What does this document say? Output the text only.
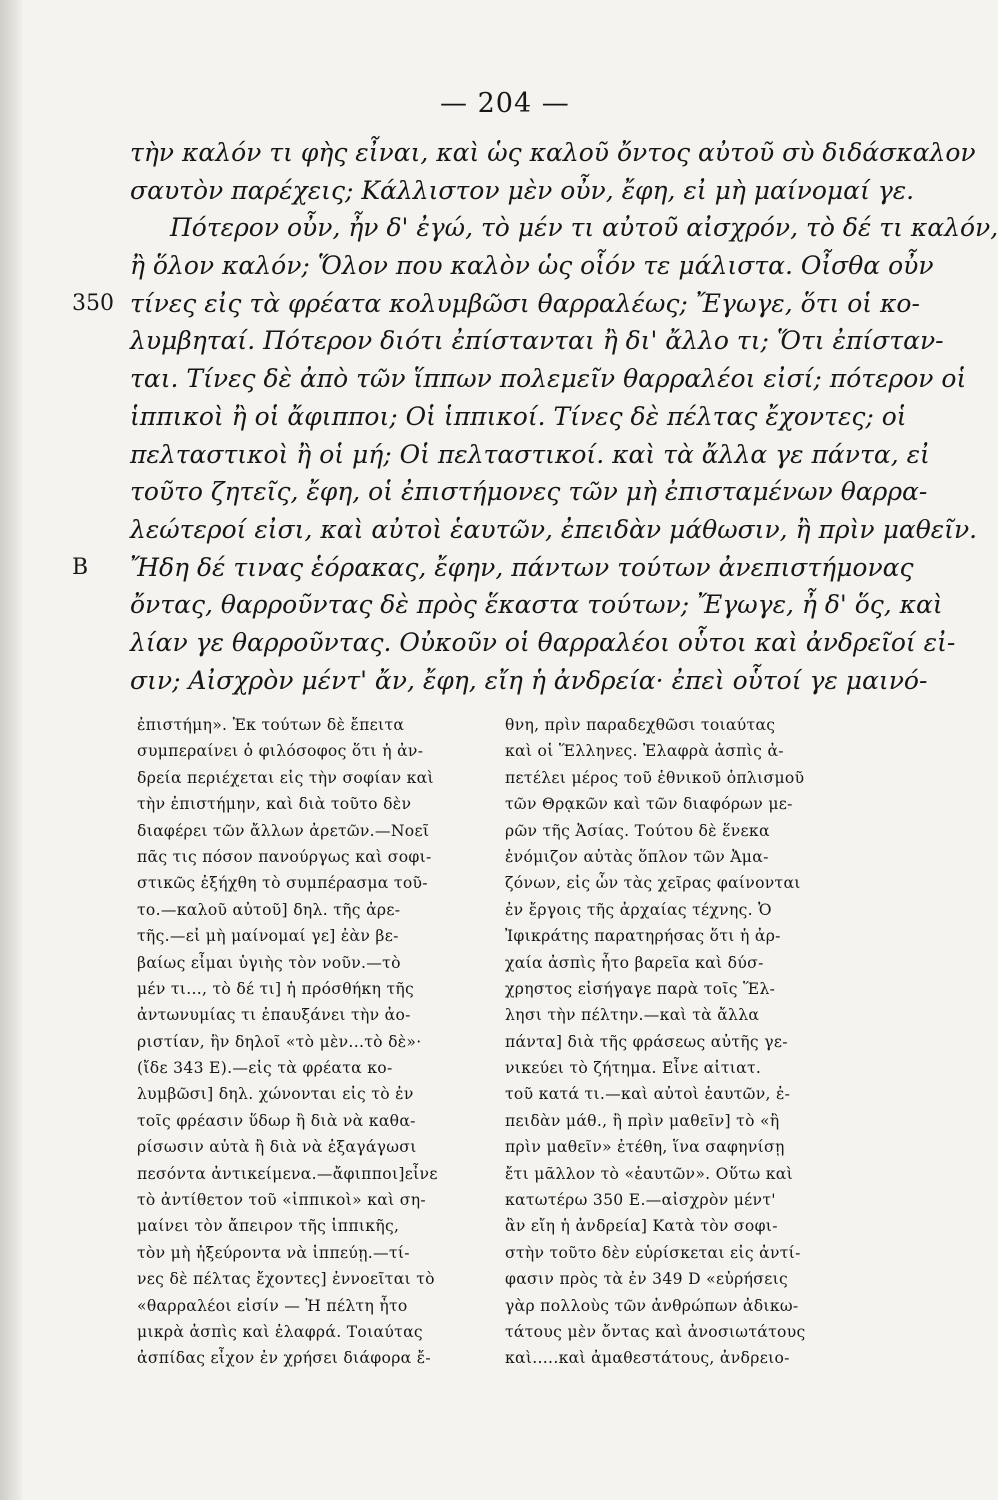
— 204 —
τὴν καλόν τι φὴς εἶναι, καὶ ὡς καλοῦ ὄντος αὐτοῦ σὺ διδάσκαλον
σαυτὸν παρέχεις; Κάλλιστον μὲν οὖν, ἔφη, εἰ μὴ μαίνομαί γε.
Πότερον οὖν, ἦν δ' ἐγώ, τὸ μέν τι αὐτοῦ αἰσχρόν, τὸ δέ τι καλόν,
ἢ ὅλον καλόν; Ὅλον που καλὸν ὡς οἷόν τε μάλιστα. Οἶσθα οὖν
350 τίνες εἰς τὰ φρέατα κολυμβῶσι θαρραλέως; Ἔγωγε, ὅτι οἱ κο-
λυμβηταί. Πότερον διότι ἐπίστανται ἢ δι' ἄλλο τι; Ὅτι ἐπίσταν-
ται. Τίνες δὲ ἀπὸ τῶν ἵππων πολεμεῖν θαρραλέοι εἰσί; πότερον οἱ
ἱππικοὶ ἢ οἱ ἄφιπποι; Οἱ ἱππικοί. Τίνες δὲ πέλτας ἔχοντες; οἱ
πελταστικοὶ ἢ οἱ μή; Οἱ πελταστικοί. καὶ τὰ ἄλλα γε πάντα, εἰ
τοῦτο ζητεῖς, ἔφη, οἱ ἐπιστήμονες τῶν μὴ ἐπισταμένων θαρρα-
λεώτεροί εἰσι, καὶ αὐτοὶ ἑαυτῶν, ἐπειδὰν μάθωσιν, ἢ πρὶν μαθεῖν.
B Ἤδη δέ τινας ἑόρακας, ἔφην, πάντων τούτων ἀνεπιστήμονας
ὄντας, θαρροῦντας δὲ πρὸς ἕκαστα τούτων; Ἔγωγε, ἦ δ' ὅς, καὶ
λίαν γε θαρροῦντας. Οὐκοῦν οἱ θαρραλέοι οὗτοι καὶ ἀνδρεῖοί εἰ-
σιν; Αἰσχρὸν μέντ' ἄν, ἔφη, εἴη ἡ ἀνδρεία· ἐπεὶ οὗτοί γε μαινό-
ἐπιστήμη». Ἐκ τούτων δὲ ἔπειτα
συμπεραίνει ὁ φιλόσοφος ὅτι ἡ ἀν-
δρεία περιέχεται εἰς τὴν σοφίαν καὶ
τὴν ἐπιστήμην, καὶ διὰ τοῦτο δὲν
διαφέρει τῶν ἄλλων ἀρετῶν.—Νοεῖ
πᾶς τις πόσον πανούργως καὶ σοφι-
στικῶς ἐξήχθη τὸ συμπέρασμα τοῦ-
το.—καλοῦ αὐτοῦ] δηλ. τῆς ἀρε-
τῆς.—εἰ μὴ μαίνομαί γε] ἐὰν βε-
βαίως εἶμαι ὑγιὴς τὸν νοῦν.—τὸ
μέν τι..., τὸ δέ τι] ἡ πρόσθήκη τῆς
ἀντωνυμίας τι ἐπαυξάνει τὴν ἀο-
ριστίαν, ἣν δηλοῖ «τὸ μὲν...τὸ δὲ»·
(ἴδε 343 Ε).—εἰς τὰ φρέατα κο-
λυμβῶσι] δηλ. χώνονται εἰς τὸ ἐν
τοῖς φρέασιν ὕδωρ ἢ διὰ νὰ καθα-
ρίσωσιν αὐτὰ ἢ διὰ νὰ ἐξαγάγωσι
πεσόντα ἀντικείμενα.—ἄφιπποι]εἶνε
τὸ ἀντίθετον τοῦ «ἱππικοὶ» καὶ ση-
μαίνει τὸν ἄπειρον τῆς ἱππικῆς,
τὸν μὴ ἠξεύροντα νὰ ἱππεύῃ.—τί-
νες δὲ πέλτας ἔχοντες] ἐννοεῖται τὸ
«θαρραλέοι εἰσίν — Ἡ πέλτη ἦτο
μικρὰ ἀσπὶς καὶ ἐλαφρά. Τοιαύτας
ἀσπίδας εἶχον ἐν χρήσει διάφορα ἔ-
θνη, πρὶν παραδεχθῶσι τοιαύτας
καὶ οἱ Ἕλληνες. Ἐλαφρὰ ἀσπὶς ἀ-
πετέλει μέρος τοῦ ἐθνικοῦ ὁπλισμοῦ
τῶν Θρᾳκῶν καὶ τῶν διαφόρων με-
ρῶν τῆς Ἀσίας. Τούτου δὲ ἕνεκα
ἐνόμιζον αὐτὰς ὅπλον τῶν Ἀμα-
ζόνων, εἰς ὧν τὰς χεῖρας φαίνονται
ἐν ἔργοις τῆς ἀρχαίας τέχνης. Ὁ
Ἰφικράτης παρατηρήσας ὅτι ἡ ἀρ-
χαία ἀσπὶς ἦτο βαρεῖα καὶ δύσ-
χρηστος εἰσήγαγε παρὰ τοῖς Ἕλ-
λησι τὴν πέλτην.—καὶ τὰ ἄλλα
πάντα] διὰ τῆς φράσεως αὐτῆς γε-
νικεύει τὸ ζήτημα. Εἶνε αἰτιατ.
τοῦ κατά τι.—καὶ αὐτοὶ ἑαυτῶν, ἐ-
πειδὰν μάθ., ἢ πρὶν μαθεῖν] τὸ «ἢ
πρὶν μαθεῖν» ἐτέθη, ἵνα σαφηνίσῃ
ἔτι μᾶλλον τὸ «ἑαυτῶν». Οὕτω καὶ
κατωτέρω 350 Ε.—αἰσχρὸν μέντ'
ἂν εἴη ἡ ἀνδρεία] Κατὰ τὸν σοφι-
στὴν τοῦτο δὲν εὑρίσκεται εἰς ἀντί-
φασιν πρὸς τὰ ἐν 349 D «εὑρήσεις
γὰρ πολλοὺς τῶν ἀνθρώπων ἀδικω-
τάτους μὲν ὄντας καὶ ἀνοσιωτάτους
καὶ.....καὶ ἀμαθεστάτους, ἀνδρειο-
